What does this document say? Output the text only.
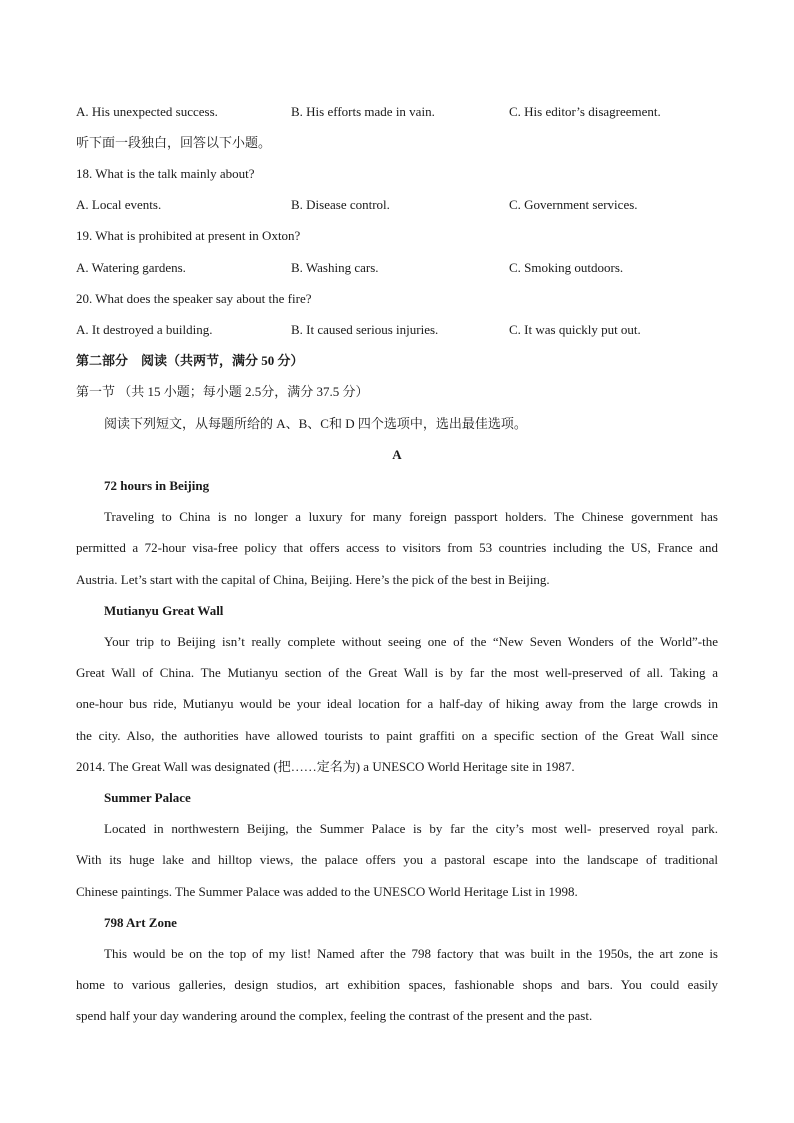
A. His unexpected success.	B. His efforts made in vain.	C. His editor’s disagreement.
听下面一段独白，回答以下小题。
18. What is the talk mainly about?
A. Local events.	B. Disease control.	C. Government services.
19. What is prohibited at present in Oxton?
A. Watering gardens.	B. Washing cars.	C. Smoking outdoors.
20. What does the speaker say about the fire?
A. It destroyed a building.	B. It caused serious injuries.	C. It was quickly put out.
第二部分　阅读（共两节，满分 50 分）
第一节 （共 15 小题；每小题 2.5分，满分 37.5 分）
阅读下列短文，从每题所给的 A、B、C和 D 四个选项中，选出最佳选项。
A
72 hours in Beijing
Traveling to China is no longer a luxury for many foreign passport holders. The Chinese government has
permitted a 72-hour visa-free policy that offers access to visitors from 53 countries including the US, France and
Austria. Let’s start with the capital of China, Beijing. Here’s the pick of the best in Beijing.
Mutianyu Great Wall
Your trip to Beijing isn’t really complete without seeing one of the “New Seven Wonders of the World”-the
Great Wall of China. The Mutianyu section of the Great Wall is by far the most well-preserved of all. Taking a
one-hour bus ride, Mutianyu would be your ideal location for a half-day of hiking away from the large crowds in
the city. Also, the authorities have allowed tourists to paint graffiti on a specific section of the Great Wall since
2014. The Great Wall was designated (把……定名为) a UNESCO World Heritage site in 1987.
Summer Palace
Located in northwestern Beijing, the Summer Palace is by far the city’s most well- preserved royal park.
With its huge lake and hilltop views, the palace offers you a pastoral escape into the landscape of traditional
Chinese paintings. The Summer Palace was added to the UNESCO World Heritage List in 1998.
798 Art Zone
This would be on the top of my list! Named after the 798 factory that was built in the 1950s, the art zone is
home to various galleries, design studios, art exhibition spaces, fashionable shops and bars. You could easily
spend half your day wandering around the complex, feeling the contrast of the present and the past.
